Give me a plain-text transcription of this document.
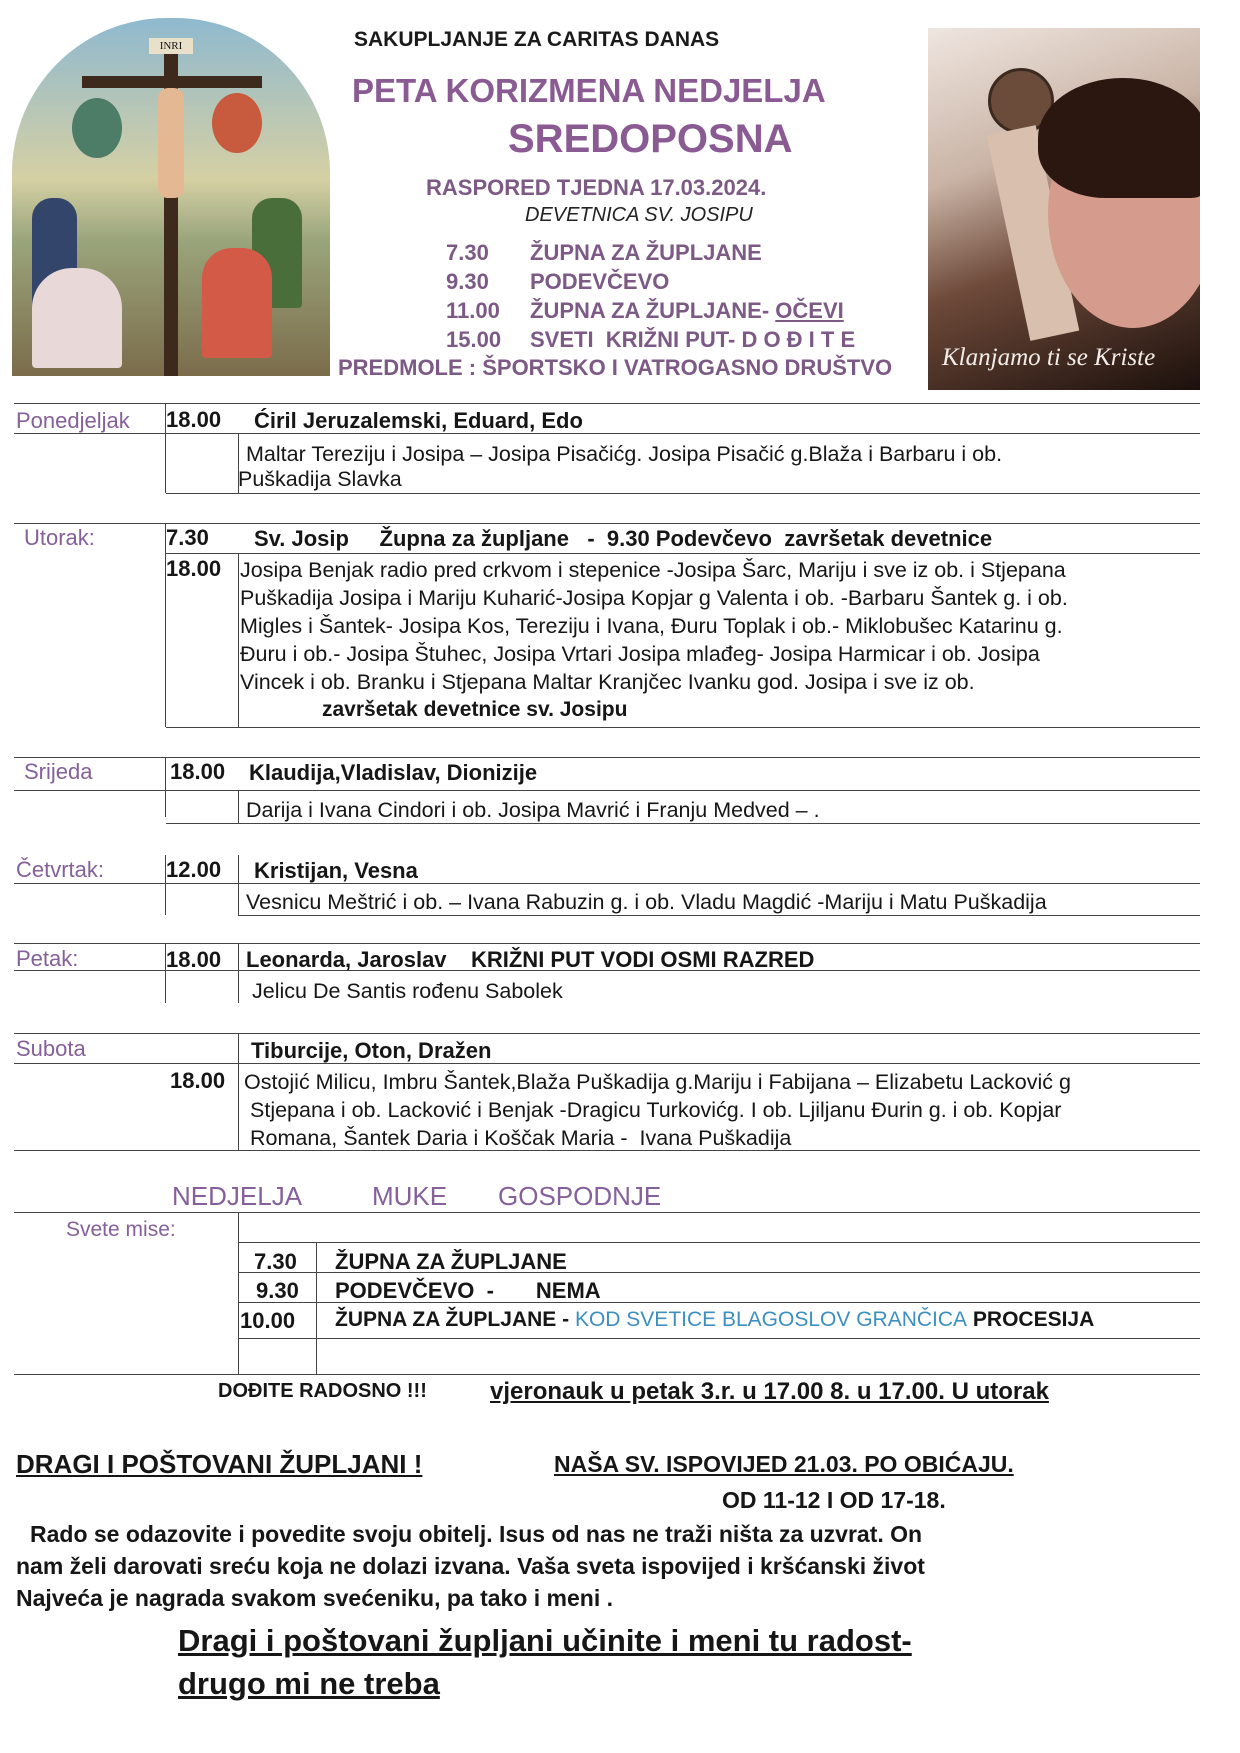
INRI
Klanjamo ti se Kriste
SAKUPLJANJE ZA CARITAS DANAS
PETA KORIZMENA NEDJELJA
SREDOPOSNA
RASPORED TJEDNA 17.03.2024.
DEVETNICA SV. JOSIPU
7.30 ŽUPNA ZA ŽUPLJANE
9.30 PODEVČEVO
11.00 ŽUPNA ZA ŽUPLJANE- OČEVI
15.00 SVETI  KRIŽNI PUT- D O Đ I T E
PREDMOLE : ŠPORTSKO I VATROGASNO DRUŠTVO
Ponedjeljak 18.00 Ćiril Jeruzalemski, Eduard, Edo
Maltar Tereziju i Josipa – Josipa Pisačićg. Josipa Pisačić g.Blaža i Barbaru i ob.
Puškadija Slavka
Utorak:	7.30 Sv. Josip     Župna za župljane   -  9.30 Podevčevo  završetak devetnice
18.00 Josipa Benjak radio pred crkvom i stepenice -Josipa Šarc, Mariju i sve iz ob. i Stjepana
Puškadija Josipa i Mariju Kuharić-Josipa Kopjar g Valenta i ob. -Barbaru Šantek g. i ob.
Migles i Šantek- Josipa Kos, Tereziju i Ivana, Đuru Toplak i ob.- Miklobušec Katarinu g.
Đuru i ob.- Josipa Štuhec, Josipa Vrtari Josipa mlađeg- Josipa Harmicar i ob. Josipa
Vincek i ob. Branku i Stjepana Maltar Kranjčec Ivanku god. Josipa i sve iz ob.
završetak devetnice sv. Josipu
Srijeda	18.00 Klaudija,Vladislav, Dionizije
Darija i Ivana Cindori i ob. Josipa Mavrić i Franju Medved – .
Četvrtak:	12.00 Kristijan, Vesna
Vesnicu Meštrić i ob. – Ivana Rabuzin g. i ob. Vladu Magdić -Mariju i Matu Puškadija
Petak:	18.00 Leonarda, Jaroslav    KRIŽNI PUT VODI OSMI RAZRED
Jelicu De Santis rođenu Sabolek
Subota	Tiburcije, Oton, Dražen
18.00 Ostojić Milicu, Imbru Šantek,Blaža Puškadija g.Mariju i Fabijana – Elizabetu Lacković g
Stjepana i ob. Lacković i Benjak -Dragicu Turkovićg. I ob. Ljiljanu Đurin g. i ob. Kopjar
Romana, Šantek Daria i Koščak Maria -  Ivana Puškadija
NEDJELJA	MUKE GOSPODNJE
Svete mise:
7.30 ŽUPNA ZA ŽUPLJANE
9.30 PODEVČEVO  - NEMA
10.00 ŽUPNA ZA ŽUPLJANE - KOD SVETICE BLAGOSLOV GRANČICA PROCESIJA
DOĐITE RADOSNO !!!	vjeronauk u petak 3.r. u 17.00 8. u 17.00. U utorak
DRAGI I POŠTOVANI ŽUPLJANI !	NAŠA SV. ISPOVIJED 21.03. PO OBIĆAJU.
OD 11-12 I OD 17-18.
Rado se odazovite i povedite svoju obitelj. Isus od nas ne traži ništa za uzvrat. On
nam želi darovati sreću koja ne dolazi izvana. Vaša sveta ispovijed i kršćanski život
Najveća je nagrada svakom svećeniku, pa tako i meni .
Dragi i poštovani župljani učinite i meni tu radost-
drugo mi ne treba
